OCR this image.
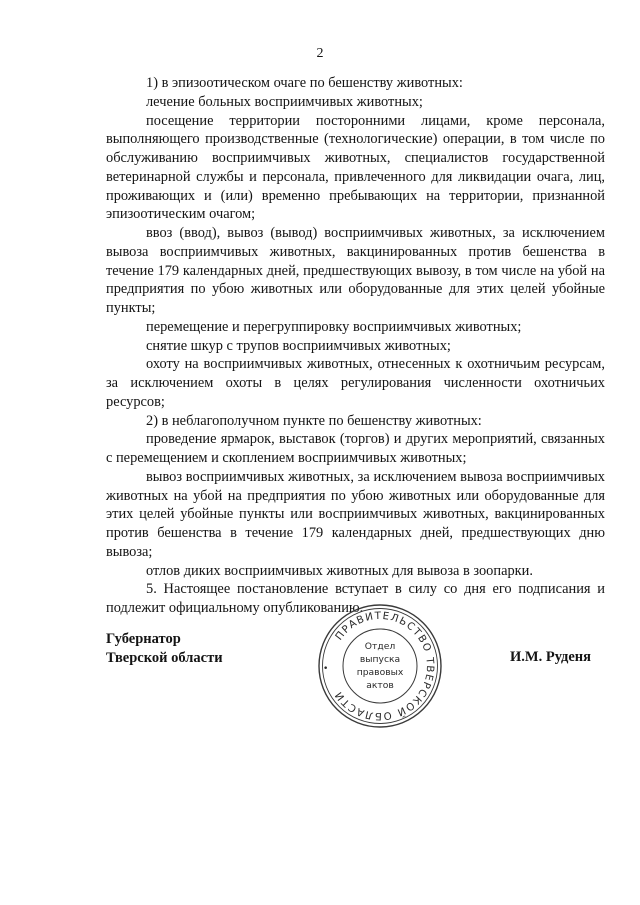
2

1) в эпизоотическом очаге по бешенству животных:

лечение больных восприимчивых животных;

посещение территории посторонними лицами, кроме персонала, выполняющего производственные (технологические) операции, в том числе по обслуживанию восприимчивых животных, специалистов государственной ветеринарной службы и персонала, привлеченного для ликвидации очага, лиц, проживающих и (или) временно пребывающих на территории, признанной эпизоотическим очагом;

ввоз (ввод), вывоз (вывод) восприимчивых животных, за исключением вывоза восприимчивых животных, вакцинированных против бешенства в течение 179 календарных дней, предшествующих вывозу, в том числе на убой на предприятия по убою животных или оборудованные для этих целей убойные пункты;

перемещение и перегруппировку восприимчивых животных;

снятие шкур с трупов восприимчивых животных;

охоту на восприимчивых животных, отнесенных к охотничьим ресурсам, за исключением охоты в целях регулирования численности охотничьих ресурсов;

2) в неблагополучном пункте по бешенству животных:

проведение ярмарок, выставок (торгов) и других мероприятий, связанных с перемещением и скоплением восприимчивых животных;

вывоз восприимчивых животных, за исключением вывоза восприимчивых животных на убой на предприятия по убою животных или оборудованные для этих целей убойные пункты или восприимчивых животных, вакцинированных против бешенства в течение 179 календарных дней, предшествующих дню вывоза;

отлов диких восприимчивых животных для вывоза в зоопарки.

5. Настоящее постановление вступает в силу со дня его подписания и подлежит официальному опубликованию.

Губернатор
Тверской области	И.М. Руденя
ПРАВИТЕЛЬСТВО ТВЕРСКОЙ ОБЛАСТИ
•
Отдел
выпуска
правовых
актов
